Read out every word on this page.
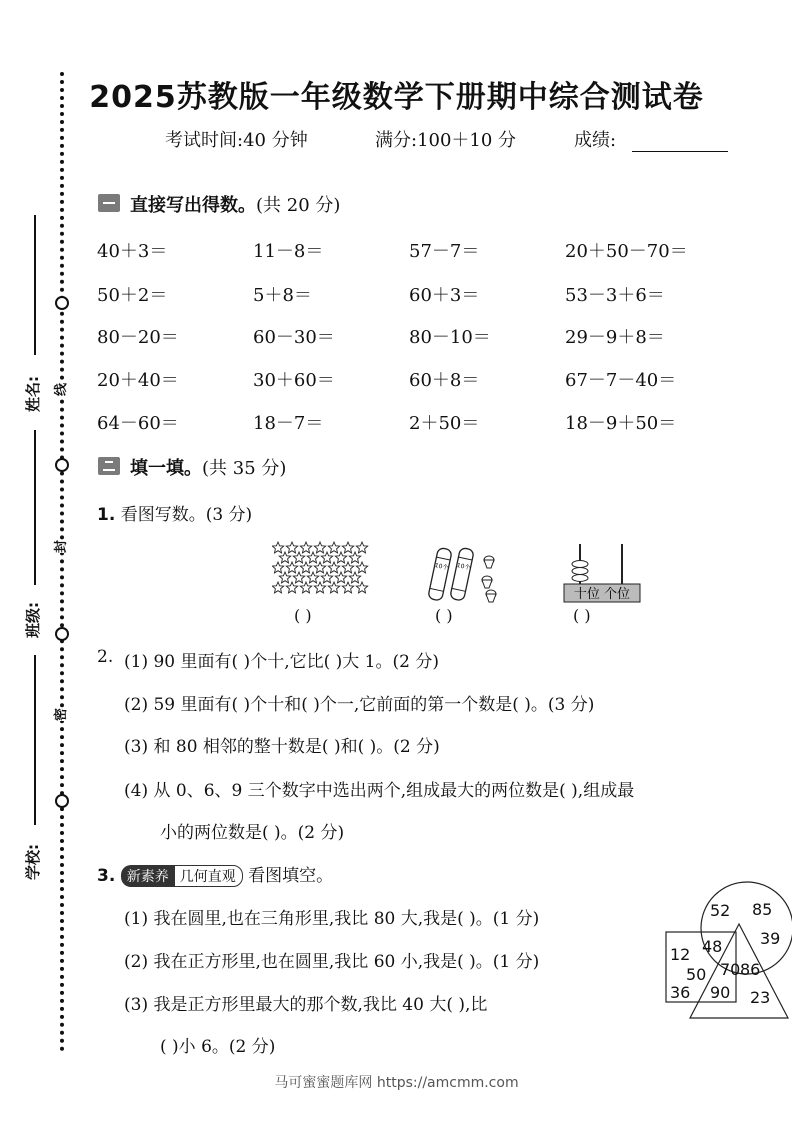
线
封
密
姓名:
班级:
学校:
2025苏教版一年级数学下册期中综合测试卷
考试时间:40 分钟	满分:100＋10 分	成绩:
直接写出得数。(共 20 分)
40＋3＝	11－8＝	57－7＝	20＋50－70＝
50＋2＝	5＋8＝	60＋3＝	53－3＋6＝
80－20＝	60－30＝	80－10＝	29－9＋8＝
20＋40＝	30＋60＝	60＋8＝	67－7－40＝
64－60＝	18－7＝	2＋50＝	18－9＋50＝
填一填。(共 35 分)
1. 看图写数。(3 分)
10个 10个
十位 个位
( )	( )	( )
2. (1) 90 里面有( )个十,它比( )大 1。(2 分)
(2) 59 里面有( )个十和( )个一,它前面的第一个数是( )。(3 分)
(3) 和 80 相邻的整十数是( )和( )。(2 分)
(4) 从 0、6、9 三个数字中选出两个,组成最大的两位数是( ),组成最
小的两位数是( )。(2 分)
3. 新素养 几何直观 看图填空。
(1) 我在圆里,也在三角形里,我比 80 大,我是( )。(1 分)
(2) 我在正方形里,也在圆里,我比 60 小,我是( )。(1 分)
(3) 我是正方形里最大的那个数,我比 40 大( ),比
( )小 6。(2 分)
52 85
39
12 48
50 70 86
36 90 23
马可蜜蜜题库网 https://amcmm.com
